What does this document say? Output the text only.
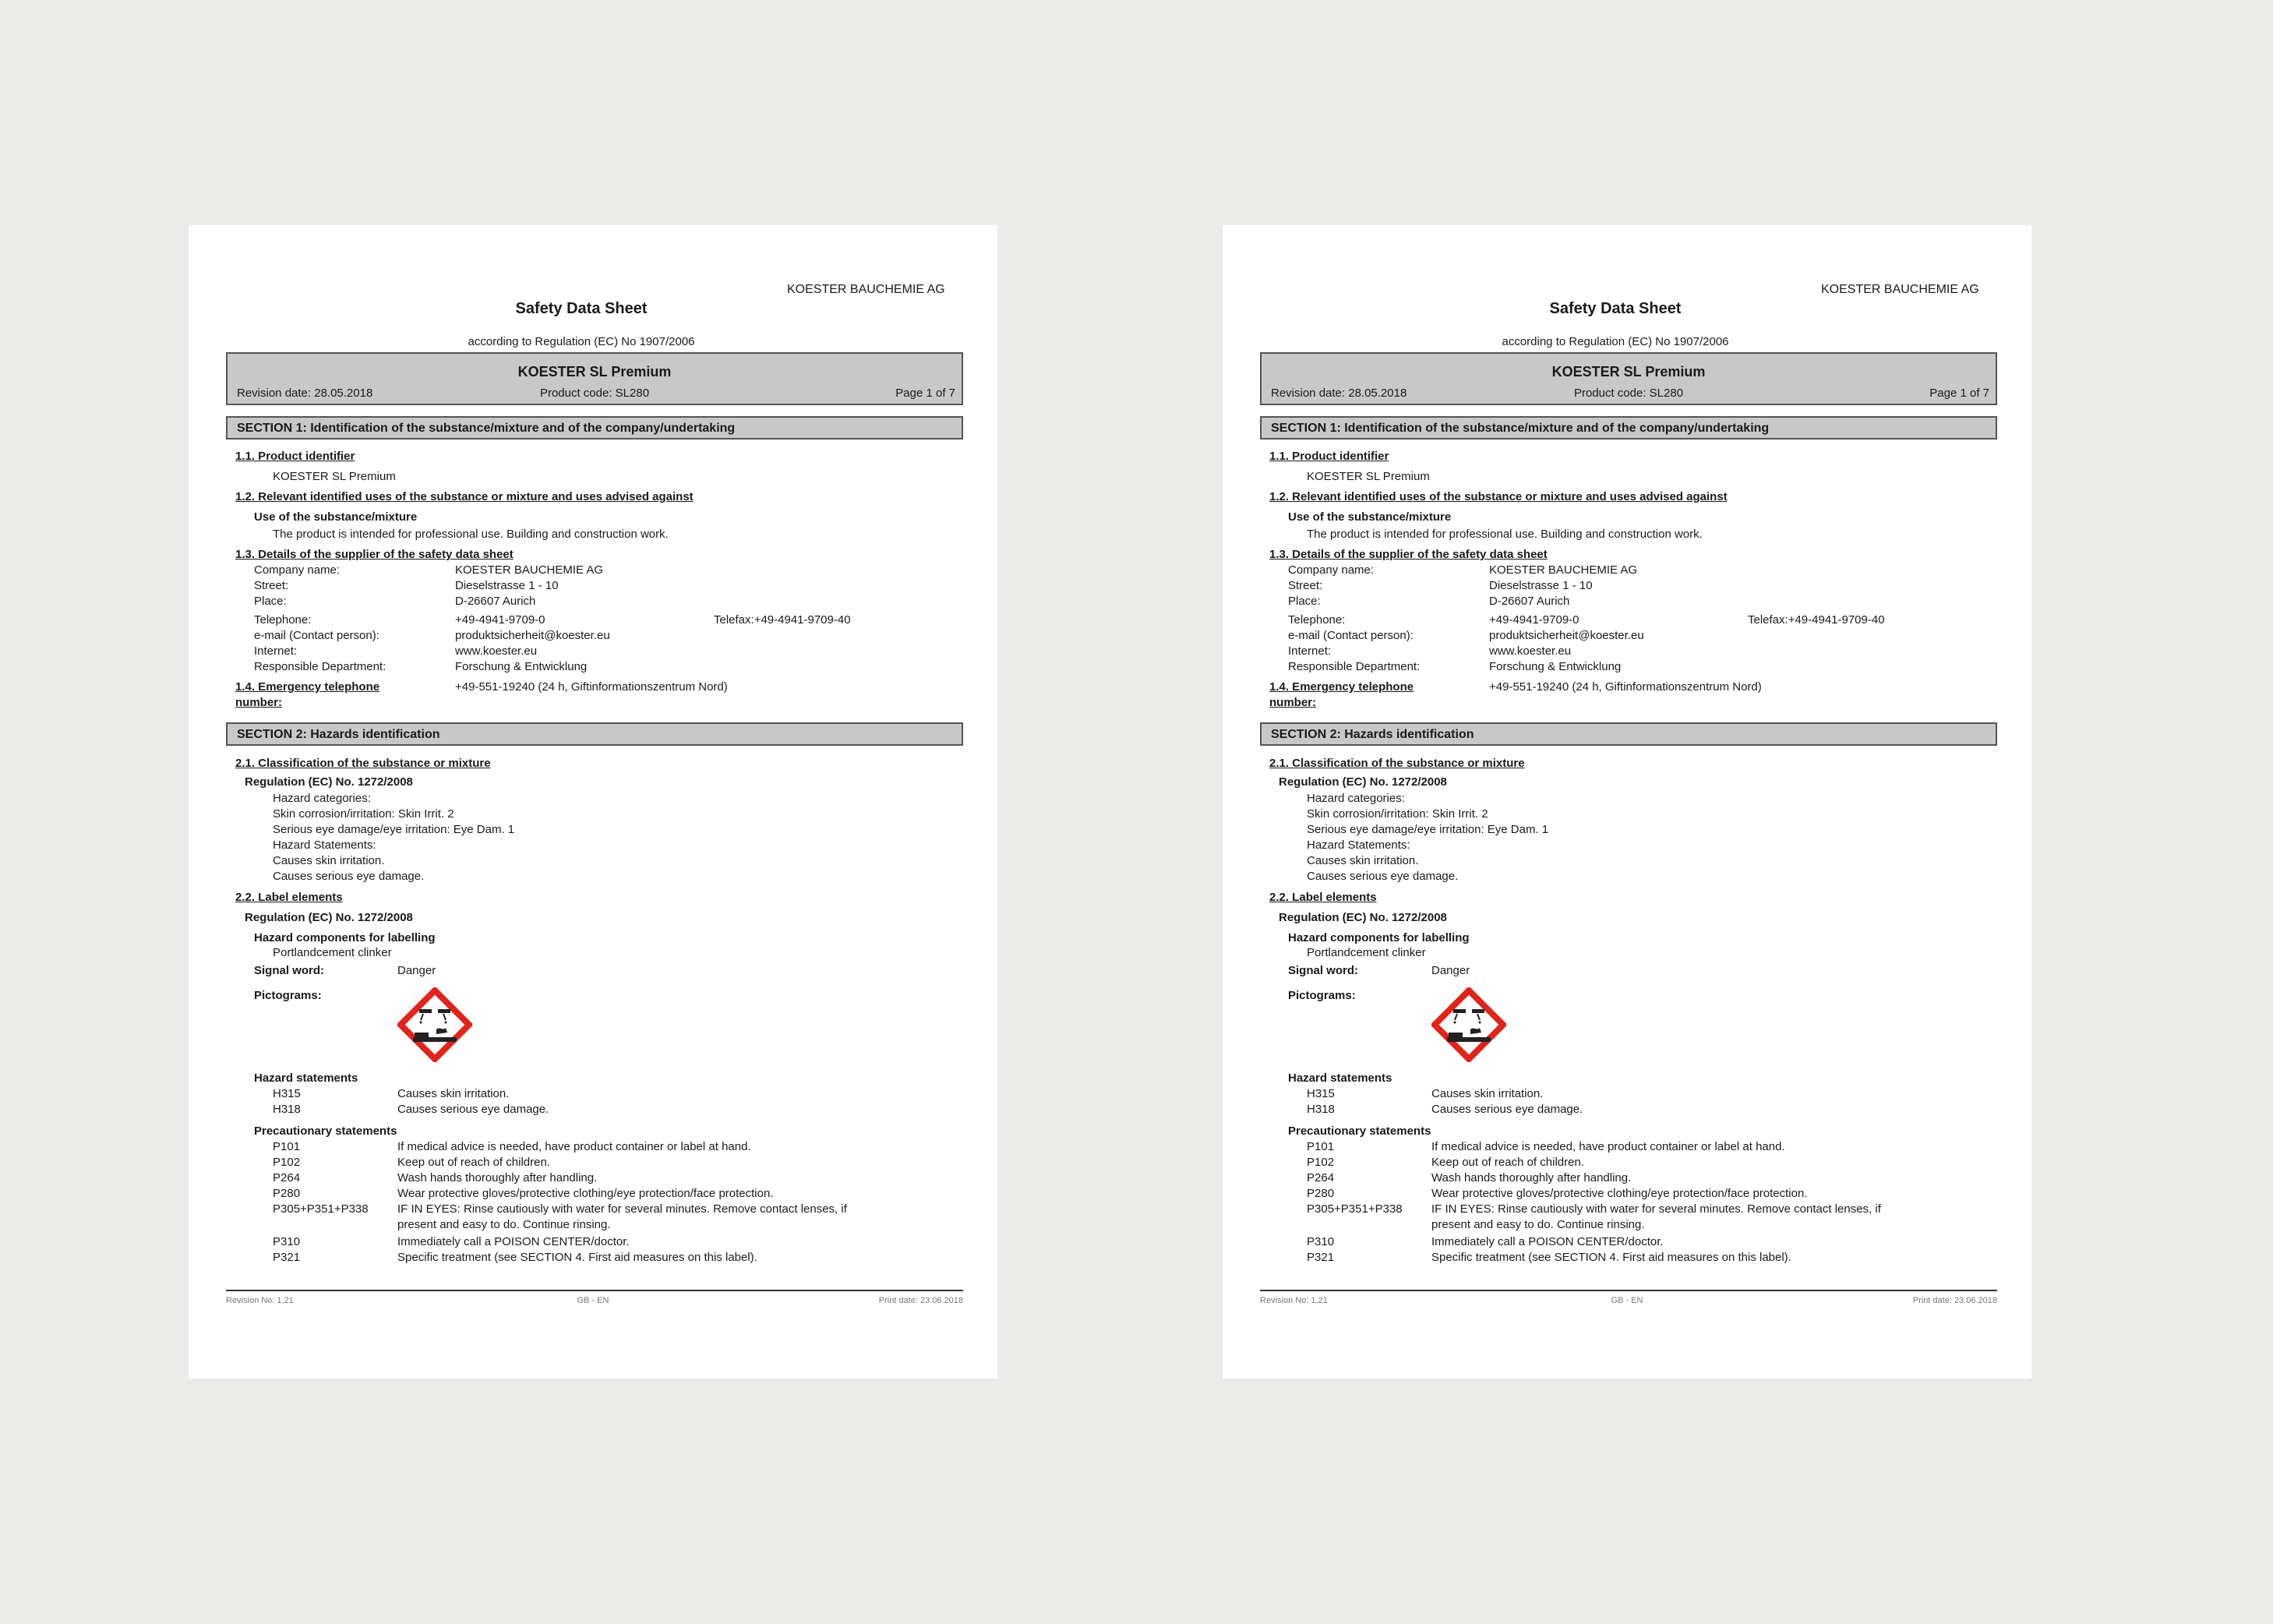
KOESTER BAUCHEMIE AG
Safety Data Sheet
according to Regulation (EC) No 1907/2006
KOESTER SL Premium
Revision date: 28.05.2018	Product code: SL280	Page 1 of 7
SECTION 1: Identification of the substance/mixture and of the company/undertaking
1.1. Product identifier
KOESTER SL Premium
1.2. Relevant identified uses of the substance or mixture and uses advised against
Use of the substance/mixture
The product is intended for professional use. Building and construction work.
1.3. Details of the supplier of the safety data sheet
Company name:	KOESTER BAUCHEMIE AG
Street:	Dieselstrasse 1 - 10
Place:	D-26607 Aurich
Telephone:	+49-4941-9709-0	Telefax:+49-4941-9709-40
e-mail (Contact person):	produktsicherheit@koester.eu
Internet:	www.koester.eu
Responsible Department:	Forschung & Entwicklung
1.4. Emergency telephone
number:
+49-551-19240 (24 h, Giftinformationszentrum Nord)
SECTION 2: Hazards identification
2.1. Classification of the substance or mixture
Regulation (EC) No. 1272/2008
Hazard categories:
Skin corrosion/irritation: Skin Irrit. 2
Serious eye damage/eye irritation: Eye Dam. 1
Hazard Statements:
Causes skin irritation.
Causes serious eye damage.
2.2. Label elements
Regulation (EC) No. 1272/2008
Hazard components for labelling
Portlandcement clinker
Signal word:	Danger
Pictograms:
Hazard statements
H315	Causes skin irritation.
H318	Causes serious eye damage.
Precautionary statements
P101	If medical advice is needed, have product container or label at hand.
P102	Keep out of reach of children.
P264	Wash hands thoroughly after handling.
P280	Wear protective gloves/protective clothing/eye protection/face protection.
P305+P351+P338 IF IN EYES: Rinse cautiously with water for several minutes. Remove contact lenses, if
present and easy to do. Continue rinsing.
P310	Immediately call a POISON CENTER/doctor.
P321	Specific treatment (see SECTION 4. First aid measures on this label).
Revision No: 1,21	GB - EN	Print date: 23.06.2018
KOESTER BAUCHEMIE AG
Safety Data Sheet
according to Regulation (EC) No 1907/2006
KOESTER SL Premium
Revision date: 28.05.2018	Product code: SL280	Page 1 of 7
SECTION 1: Identification of the substance/mixture and of the company/undertaking
1.1. Product identifier
KOESTER SL Premium
1.2. Relevant identified uses of the substance or mixture and uses advised against
Use of the substance/mixture
The product is intended for professional use. Building and construction work.
1.3. Details of the supplier of the safety data sheet
Company name:	KOESTER BAUCHEMIE AG
Street:	Dieselstrasse 1 - 10
Place:	D-26607 Aurich
Telephone:	+49-4941-9709-0	Telefax:+49-4941-9709-40
e-mail (Contact person):	produktsicherheit@koester.eu
Internet:	www.koester.eu
Responsible Department:	Forschung & Entwicklung
1.4. Emergency telephone
number:
+49-551-19240 (24 h, Giftinformationszentrum Nord)
SECTION 2: Hazards identification
2.1. Classification of the substance or mixture
Regulation (EC) No. 1272/2008
Hazard categories:
Skin corrosion/irritation: Skin Irrit. 2
Serious eye damage/eye irritation: Eye Dam. 1
Hazard Statements:
Causes skin irritation.
Causes serious eye damage.
2.2. Label elements
Regulation (EC) No. 1272/2008
Hazard components for labelling
Portlandcement clinker
Signal word:	Danger
Pictograms:
Hazard statements
H315	Causes skin irritation.
H318	Causes serious eye damage.
Precautionary statements
P101	If medical advice is needed, have product container or label at hand.
P102	Keep out of reach of children.
P264	Wash hands thoroughly after handling.
P280	Wear protective gloves/protective clothing/eye protection/face protection.
P305+P351+P338 IF IN EYES: Rinse cautiously with water for several minutes. Remove contact lenses, if
present and easy to do. Continue rinsing.
P310	Immediately call a POISON CENTER/doctor.
P321	Specific treatment (see SECTION 4. First aid measures on this label).
Revision No: 1,21	GB - EN	Print date: 23.06.2018
